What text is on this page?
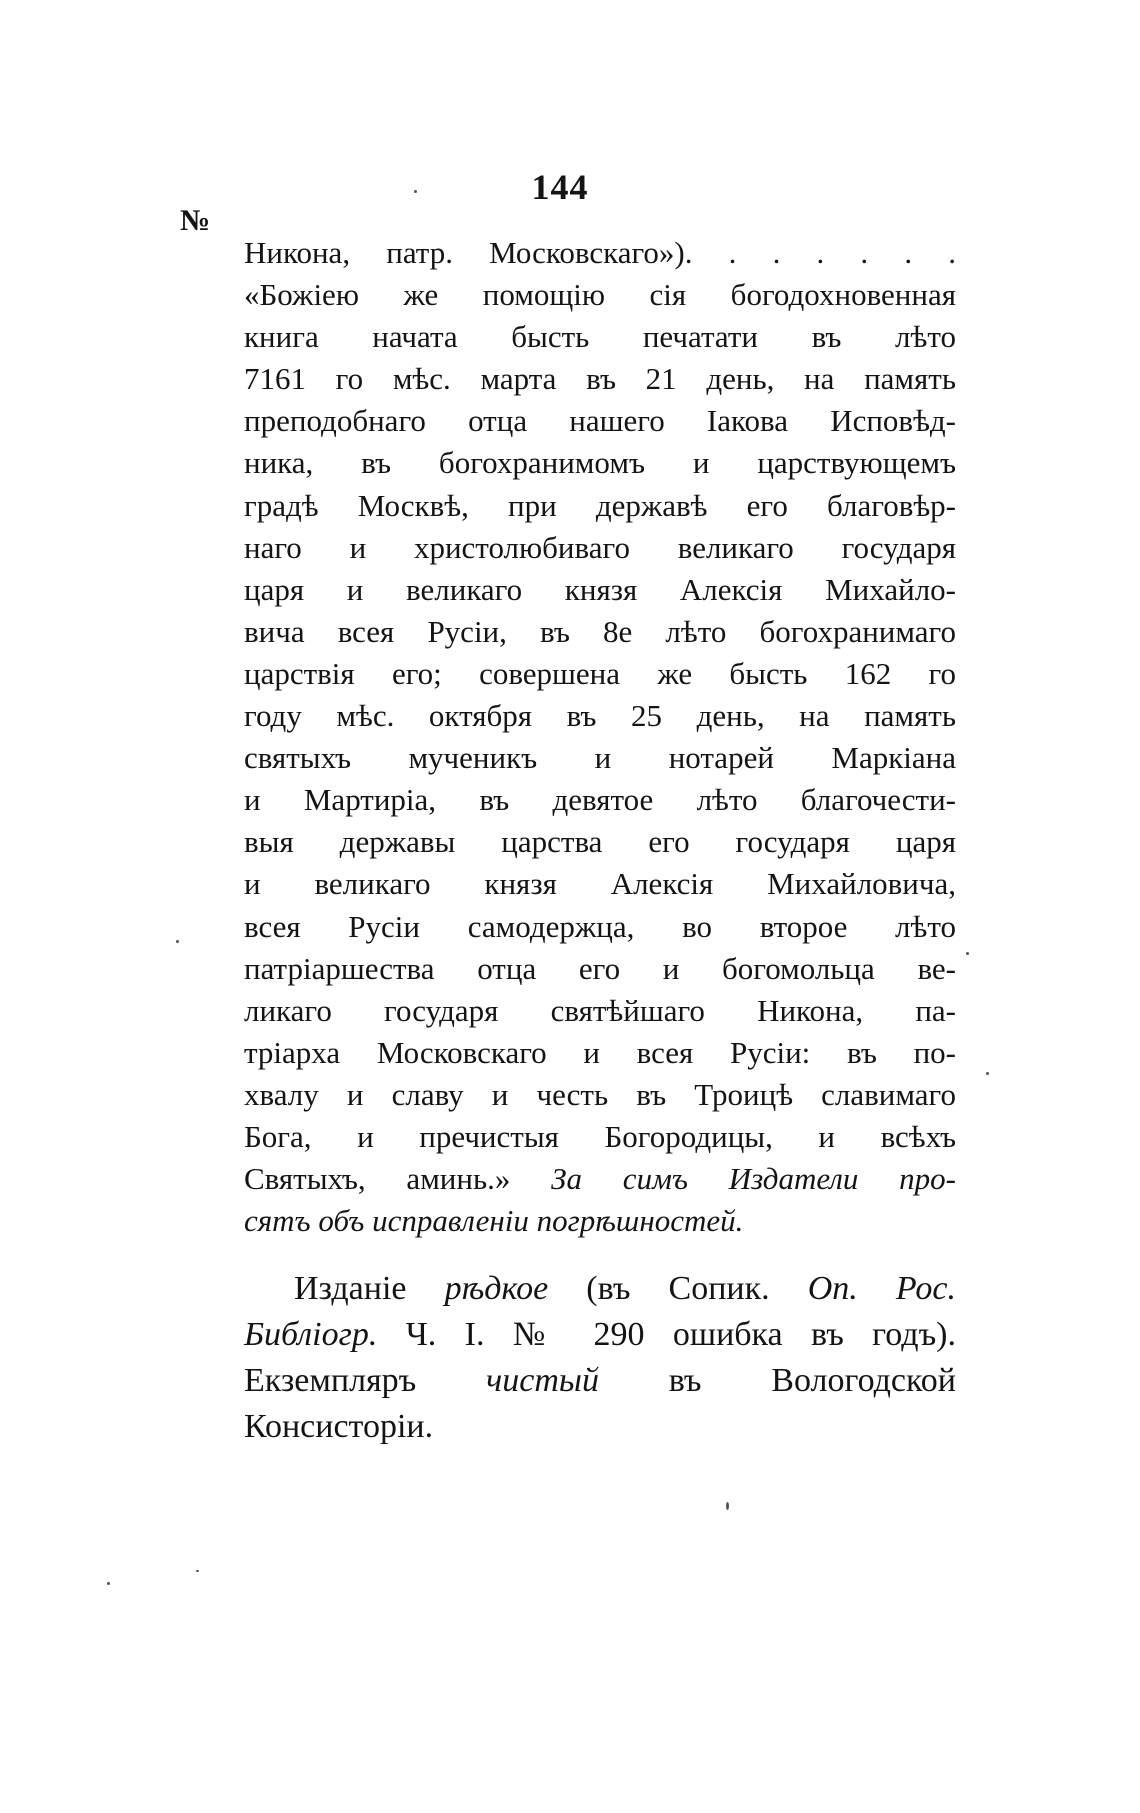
144
№
Никона, патр. Московскаго»). . . . . . .
«Божiею же помощiю сiя богодохновенная
книга начата бысть печатати въ лѣто
7161 го мѣс. марта въ 21 день, на память
преподобнаго отца нашего Iакова Исповѣд-
ника, въ богохранимомъ и царствующемъ
градѣ Москвѣ, при державѣ его благовѣр-
наго и христолюбиваго великаго государя
царя и великаго князя Алексiя Михайло-
вича всея Русiи, въ 8е лѣто богохранимаго
царствiя его; совершена же бысть 162 го
году мѣс. октября въ 25 день, на память
святыхъ мученикъ и нотарей Маркiана
и Мартирiа, въ девятое лѣто благочести-
выя державы царства его государя царя
и великаго князя Алексiя Михайловича,
всея Русiи самодержца, во второе лѣто
патрiаршества отца его и богомольца ве-
ликаго государя святѣйшаго Никона, па-
трiарха Московскаго и всея Русiи: въ по-
хвалу и славу и честь въ Троицѣ славимаго
Бога, и пречистыя Богородицы, и всѣхъ
Святыхъ, аминь.» За симъ Издатели про-
сятъ объ исправленiи погрѣшностей.
Изданiе рѣдкое (въ Сопик. Оп. Рос.
Библiогр. Ч. I. № 290 ошибка въ годъ).
Екземпляръ чистый въ Вологодской
Консисторiи.
